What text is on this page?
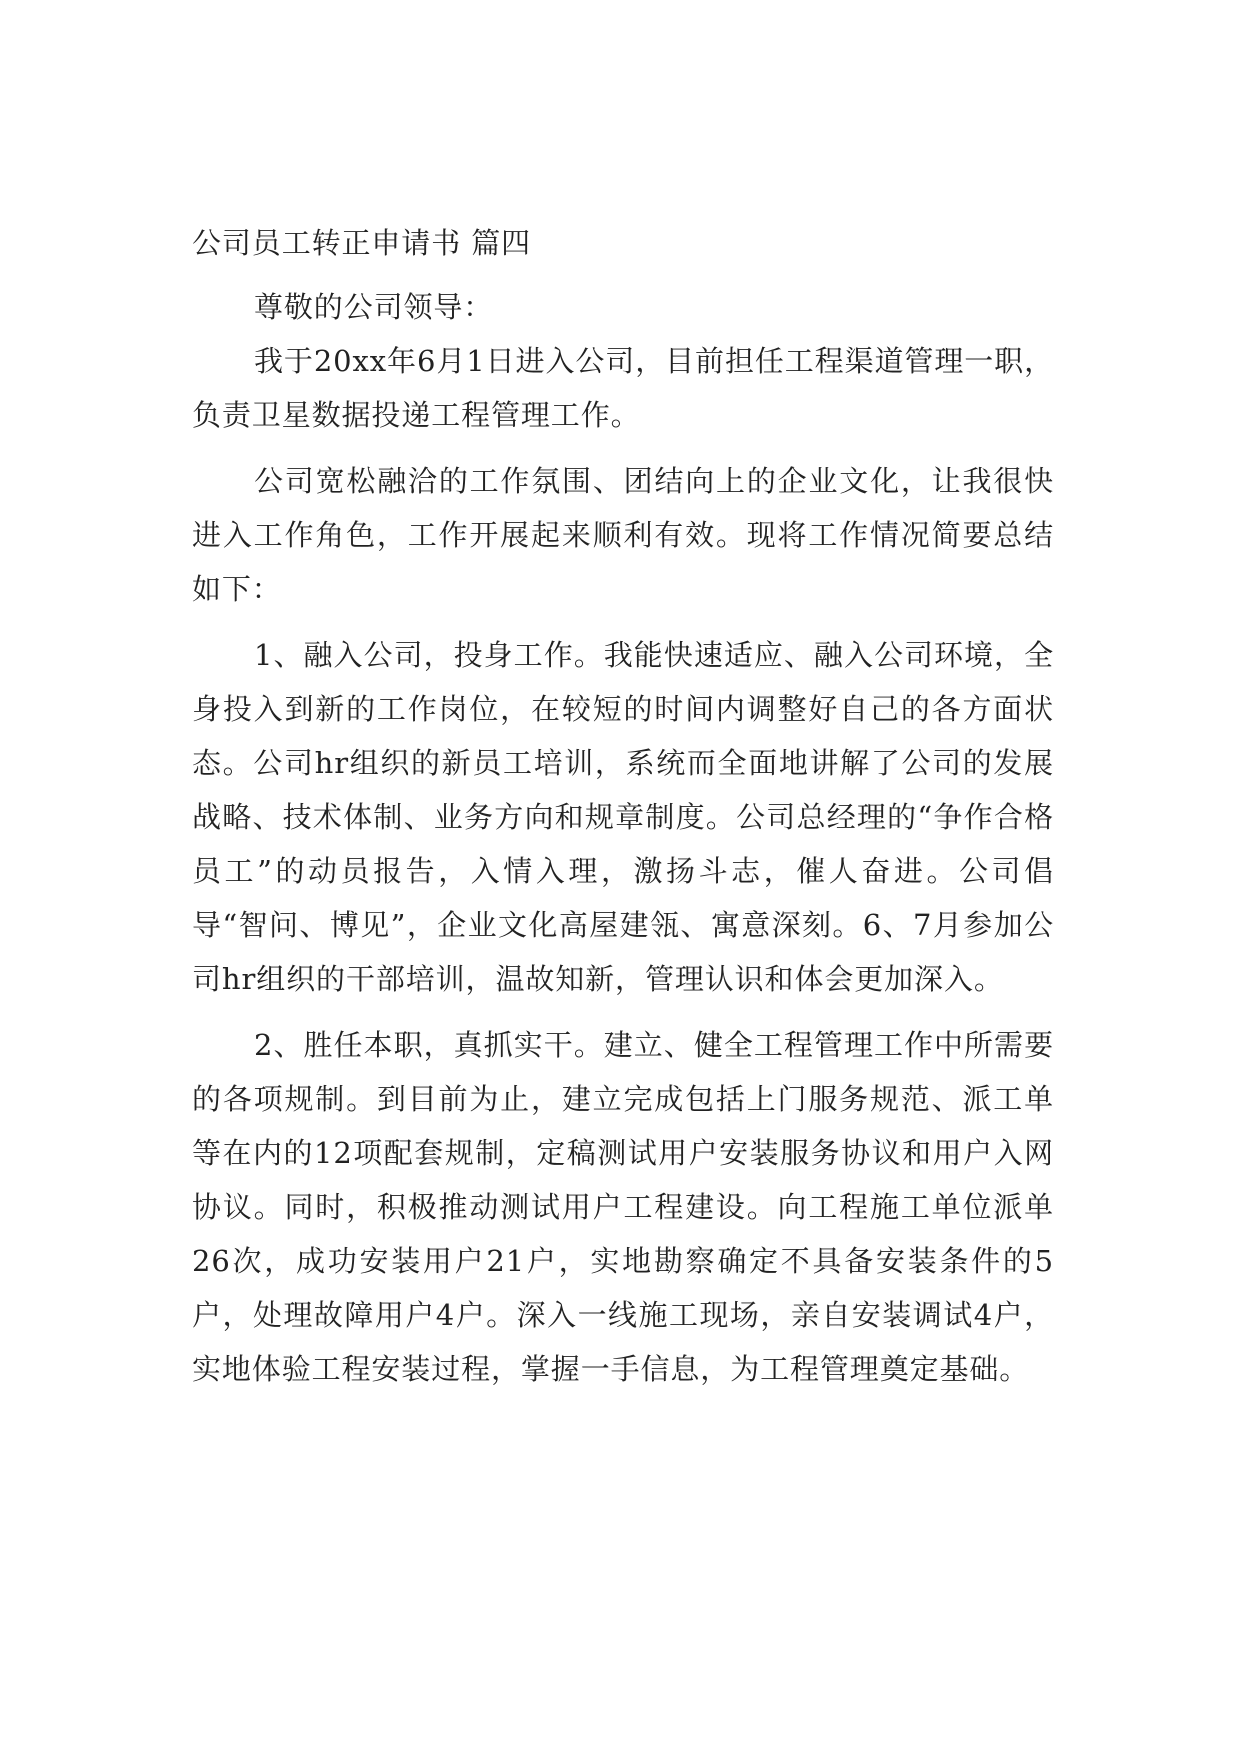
公司员工转正申请书 篇四

尊敬的公司领导：

我于20xx年6月1日进入公司，目前担任工程渠道管理一职，负责卫星数据投递工程管理工作。

公司宽松融洽的工作氛围、团结向上的企业文化，让我很快进入工作角色，工作开展起来顺利有效。现将工作情况简要总结如下：

1、融入公司，投身工作。我能快速适应、融入公司环境，全身投入到新的工作岗位，在较短的时间内调整好自己的各方面状态。公司hr组织的新员工培训，系统而全面地讲解了公司的发展战略、技术体制、业务方向和规章制度。公司总经理的“争作合格员工”的动员报告，入情入理，激扬斗志，催人奋进。公司倡导“智问、博见”，企业文化高屋建瓴、寓意深刻。6、7月参加公司hr组织的干部培训，温故知新，管理认识和体会更加深入。

2、胜任本职，真抓实干。建立、健全工程管理工作中所需要的各项规制。到目前为止，建立完成包括上门服务规范、派工单等在内的12项配套规制，定稿测试用户安装服务协议和用户入网协议。同时，积极推动测试用户工程建设。向工程施工单位派单26次，成功安装用户21户，实地勘察确定不具备安装条件的5户，处理故障用户4户。深入一线施工现场，亲自安装调试4户，实地体验工程安装过程，掌握一手信息，为工程管理奠定基础。
